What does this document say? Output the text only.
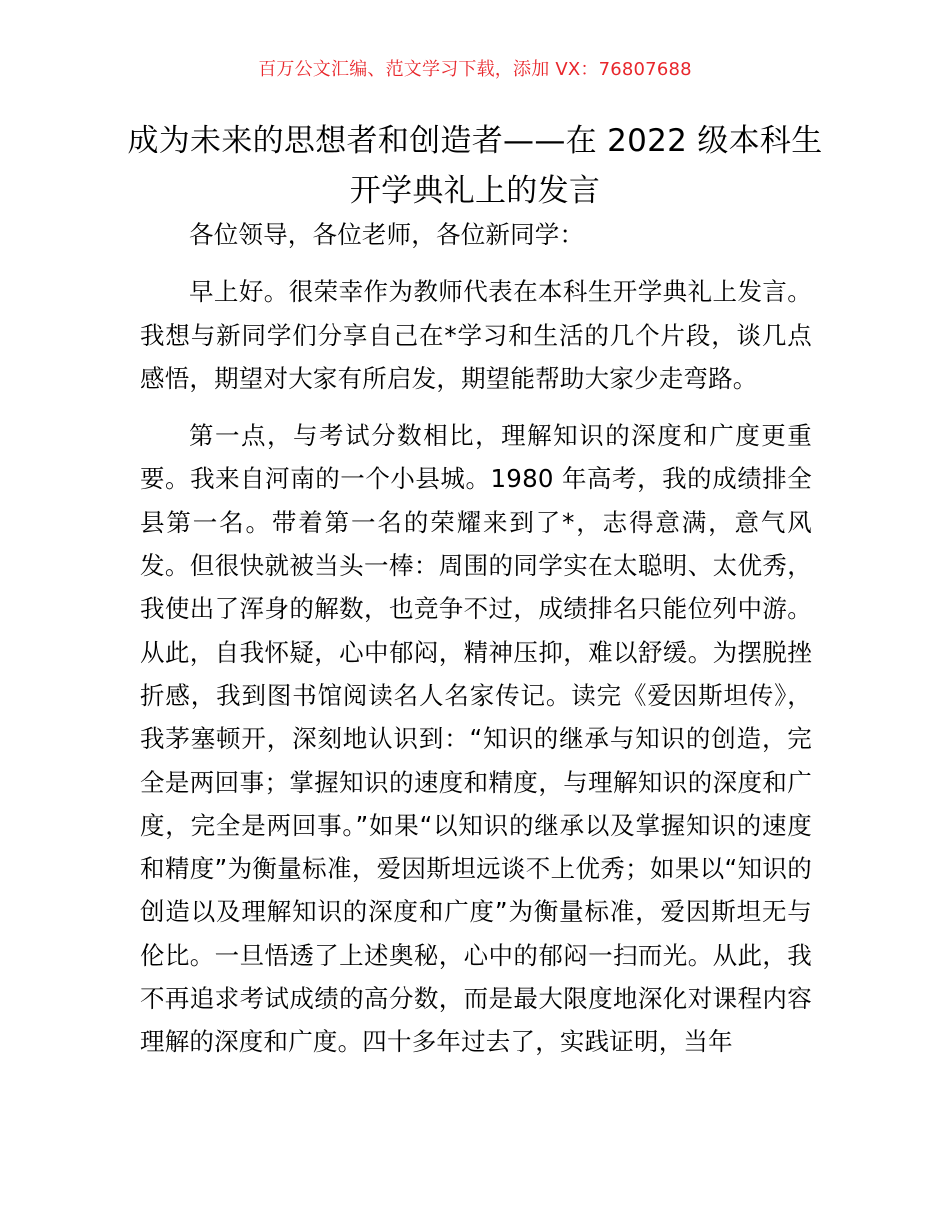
百万公文汇编、范文学习下载，添加 VX：76807688
成为未来的思想者和创造者——在 2022 级本科生开学典礼上的发言

各位领导，各位老师，各位新同学：

早上好。很荣幸作为教师代表在本科生开学典礼上发言。我想与新同学们分享自己在*学习和生活的几个片段，谈几点感悟，期望对大家有所启发，期望能帮助大家少走弯路。

第一点，与考试分数相比，理解知识的深度和广度更重要。我来自河南的一个小县城。1980 年高考，我的成绩排全县第一名。带着第一名的荣耀来到了*，志得意满，意气风发。但很快就被当头一棒：周围的同学实在太聪明、太优秀，我使出了浑身的解数，也竞争不过，成绩排名只能位列中游。从此，自我怀疑，心中郁闷，精神压抑，难以舒缓。为摆脱挫折感，我到图书馆阅读名人名家传记。读完《爱因斯坦传》，我茅塞顿开，深刻地认识到：“知识的继承与知识的创造，完全是两回事；掌握知识的速度和精度，与理解知识的深度和广度，完全是两回事。”如果“以知识的继承以及掌握知识的速度和精度”为衡量标准，爱因斯坦远谈不上优秀；如果以“知识的创造以及理解知识的深度和广度”为衡量标准，爱因斯坦无与伦比。一旦悟透了上述奥秘，心中的郁闷一扫而光。从此，我不再追求考试成绩的高分数，而是最大限度地深化对课程内容理解的深度和广度。四十多年过去了，实践证明，当年
